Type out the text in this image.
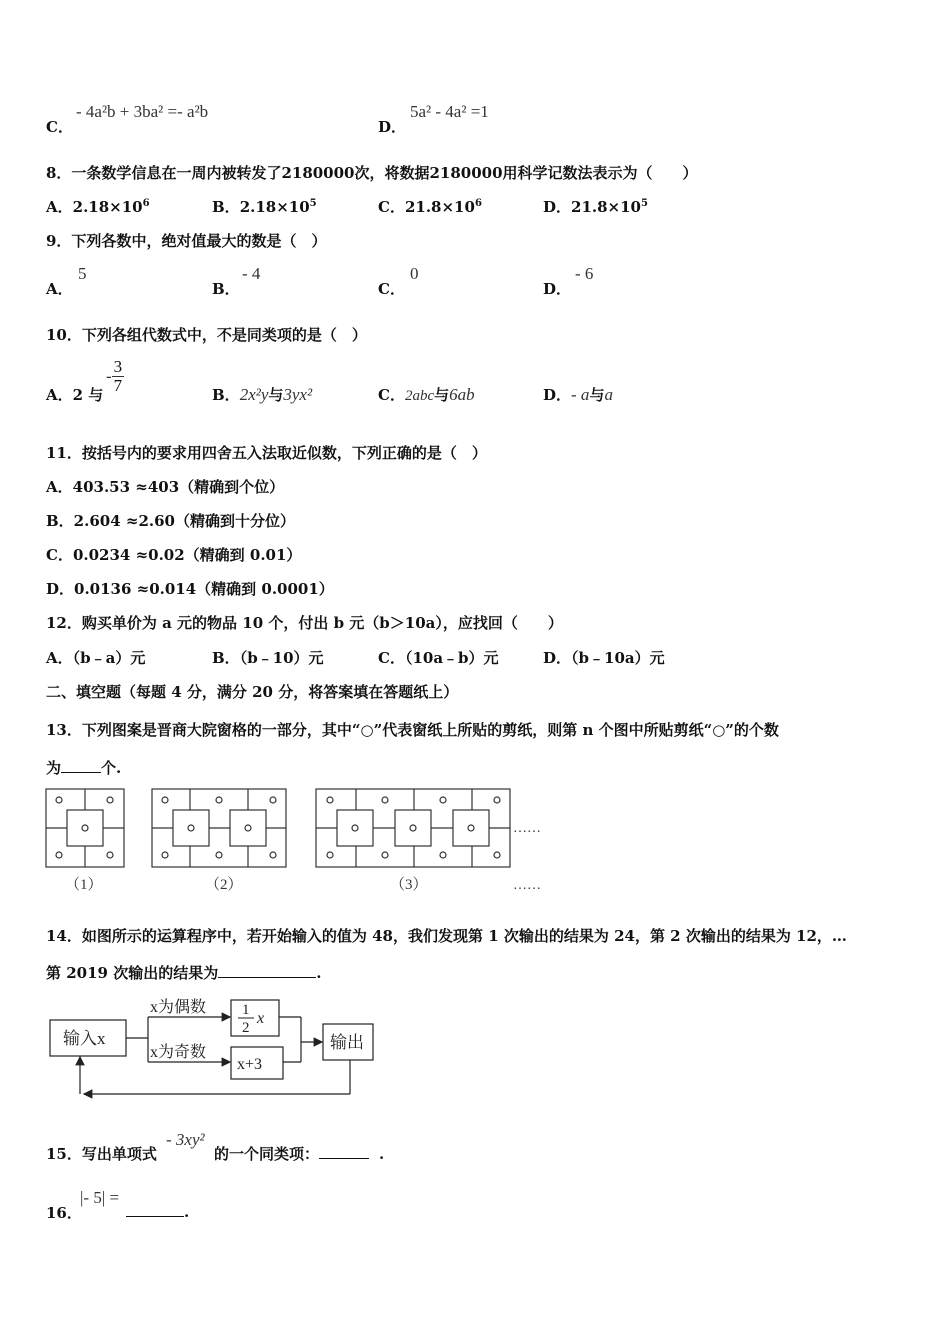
C．
- 4a²b + 3ba² =- a²b
D．
5a² - 4a² =1
8．一条数学信息在一周内被转发了2180000次，将数据2180000用科学记数法表示为（　　）
A．$2.18\times 10^6$	B．$2.18\times 10^5$	C．$21.8\times 10^6$	D．$21.8\times 10^5$
9．下列各数中，绝对值最大的数是（　）
A．
5
B．
- 4
C．
0
D．
- 6
10．下列各组代数式中，不是同类项的是（　）
A．2 与
- $\frac{3}{7}$	B．2x²y与3yx²	C．2abc与6ab	D．- a与a
11．按括号内的要求用四舍五入法取近似数，下列正确的是（　）
A．403.53 ≈403（精确到个位）
B．2.604 ≈2.60（精确到十分位）
C．0.0234 ≈0.02（精确到 0.01）
D．0.0136 ≈0.014（精确到 0.0001）
12．购买单价为 a 元的物品 10 个，付出 b 元（b＞10a），应找回（　　）
A．（b﹣a）元	B．（b﹣10）元	C．（10a﹣b）元	D．（b﹣10a）元
二、填空题（每题 4 分，满分 20 分，将答案填在答题纸上）
13．下列图案是晋商大院窗格的一部分，其中“○”代表窗纸上所贴的剪纸，则第 n 个图中所贴剪纸“○”的个数
为	个.
……
（1）	（2）	（3）	……
14．如图所示的运算程序中，若开始输入的值为 48，我们发现第 1 次输出的结果为 24，第 2 次输出的结果为 12，…
第 2019 次输出的结果为	.
输入x
x为偶数
x为奇数
1
2
x
x+3
输出
15．写出单项式
- 3xy²
的一个同类项：	.
16．
|- 5| =
.
